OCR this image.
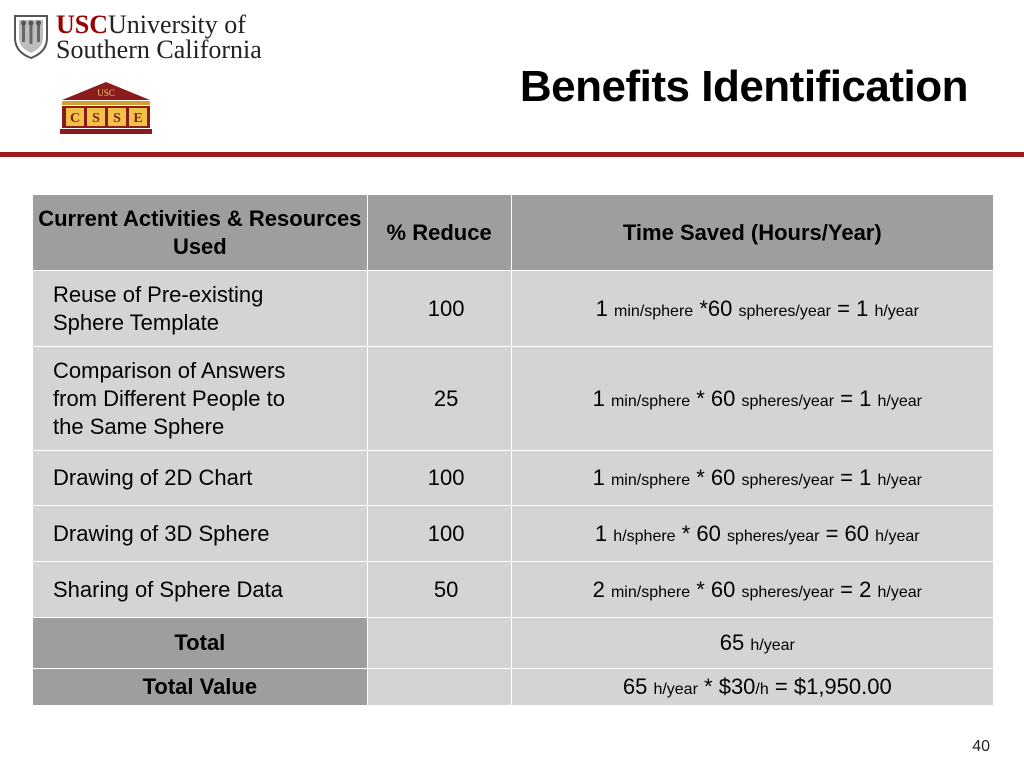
USCUniversity of
Southern California
USC
C S S E
Benefits Identification
Current Activities & Resources Used	% Reduce	Time Saved (Hours/Year)
Reuse of Pre-existing
Sphere Template	100	1 min/sphere *60 spheres/year = 1 h/year
Comparison of Answers
from Different People to
the Same Sphere	25	1 min/sphere * 60 spheres/year = 1 h/year
Drawing of 2D Chart	100	1 min/sphere * 60 spheres/year = 1 h/year
Drawing of 3D Sphere	100	1 h/sphere * 60 spheres/year = 60 h/year
Sharing of Sphere Data	50	2 min/sphere * 60 spheres/year = 2 h/year
Total		65 h/year
Total Value		65 h/year * $30/h = $1,950.00
40
